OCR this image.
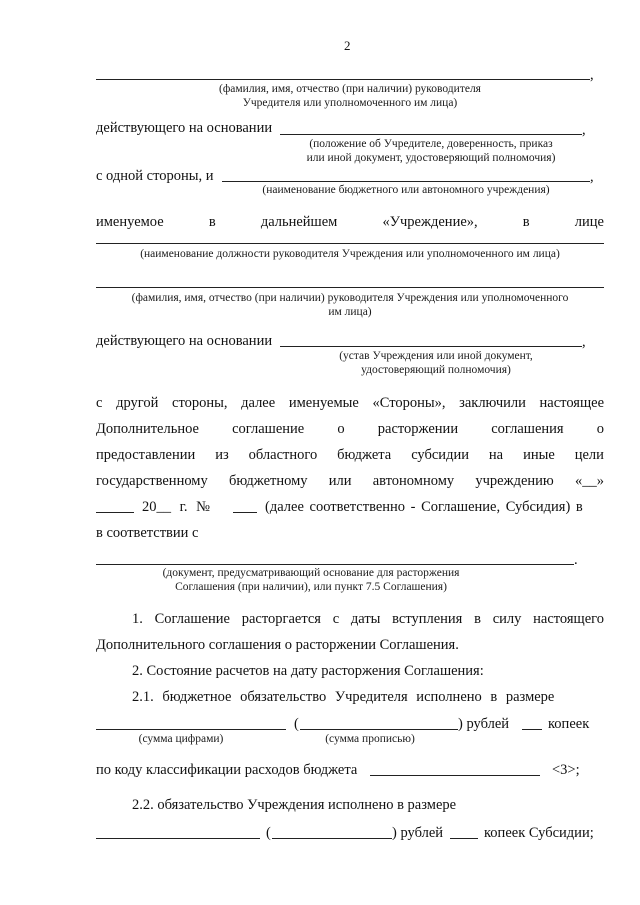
2
,
(фамилия, имя, отчество (при наличии) руководителя
Учредителя или уполномоченного им лица)
действующего на основании	,
(положение об Учредителе, доверенность, приказ
или иной документ, удостоверяющий полномочия)
с одной стороны, и	,
(наименование бюджетного или автономного учреждения)
именуемое	в	дальнейшем	«Учреждение»,	в	лице
(наименование должности руководителя Учреждения или уполномоченного им лица)
(фамилия, имя, отчество (при наличии) руководителя Учреждения или уполномоченного
им лица)
действующего на основании	,
(устав Учреждения или иной документ,
удостоверяющий полномочия)
с другой стороны, далее именуемые «Стороны», заключили настоящее
Дополнительное соглашение о расторжении соглашения о
предоставлении из областного бюджета субсидии на иные цели
государственному бюджетному или автономному учреждению «__»
20__ г. №	(далее соответственно - Соглашение, Субсидия) в
в соответствии с
.
(документ, предусматривающий основание для расторжения
Соглашения (при наличии), или пункт 7.5 Соглашения)
1. Соглашение расторгается с даты вступления в силу настоящего
Дополнительного соглашения о расторжении Соглашения.
2. Состояние расчетов на дату расторжения Соглашения:
2.1. бюджетное обязательство Учредителя исполнено в размере
(	) рублей	копеек
(сумма цифрами)	(сумма прописью)
по коду классификации расходов бюджета	<3>;
2.2. обязательство Учреждения исполнено в размере
(	) рублей	копеек Субсидии;
